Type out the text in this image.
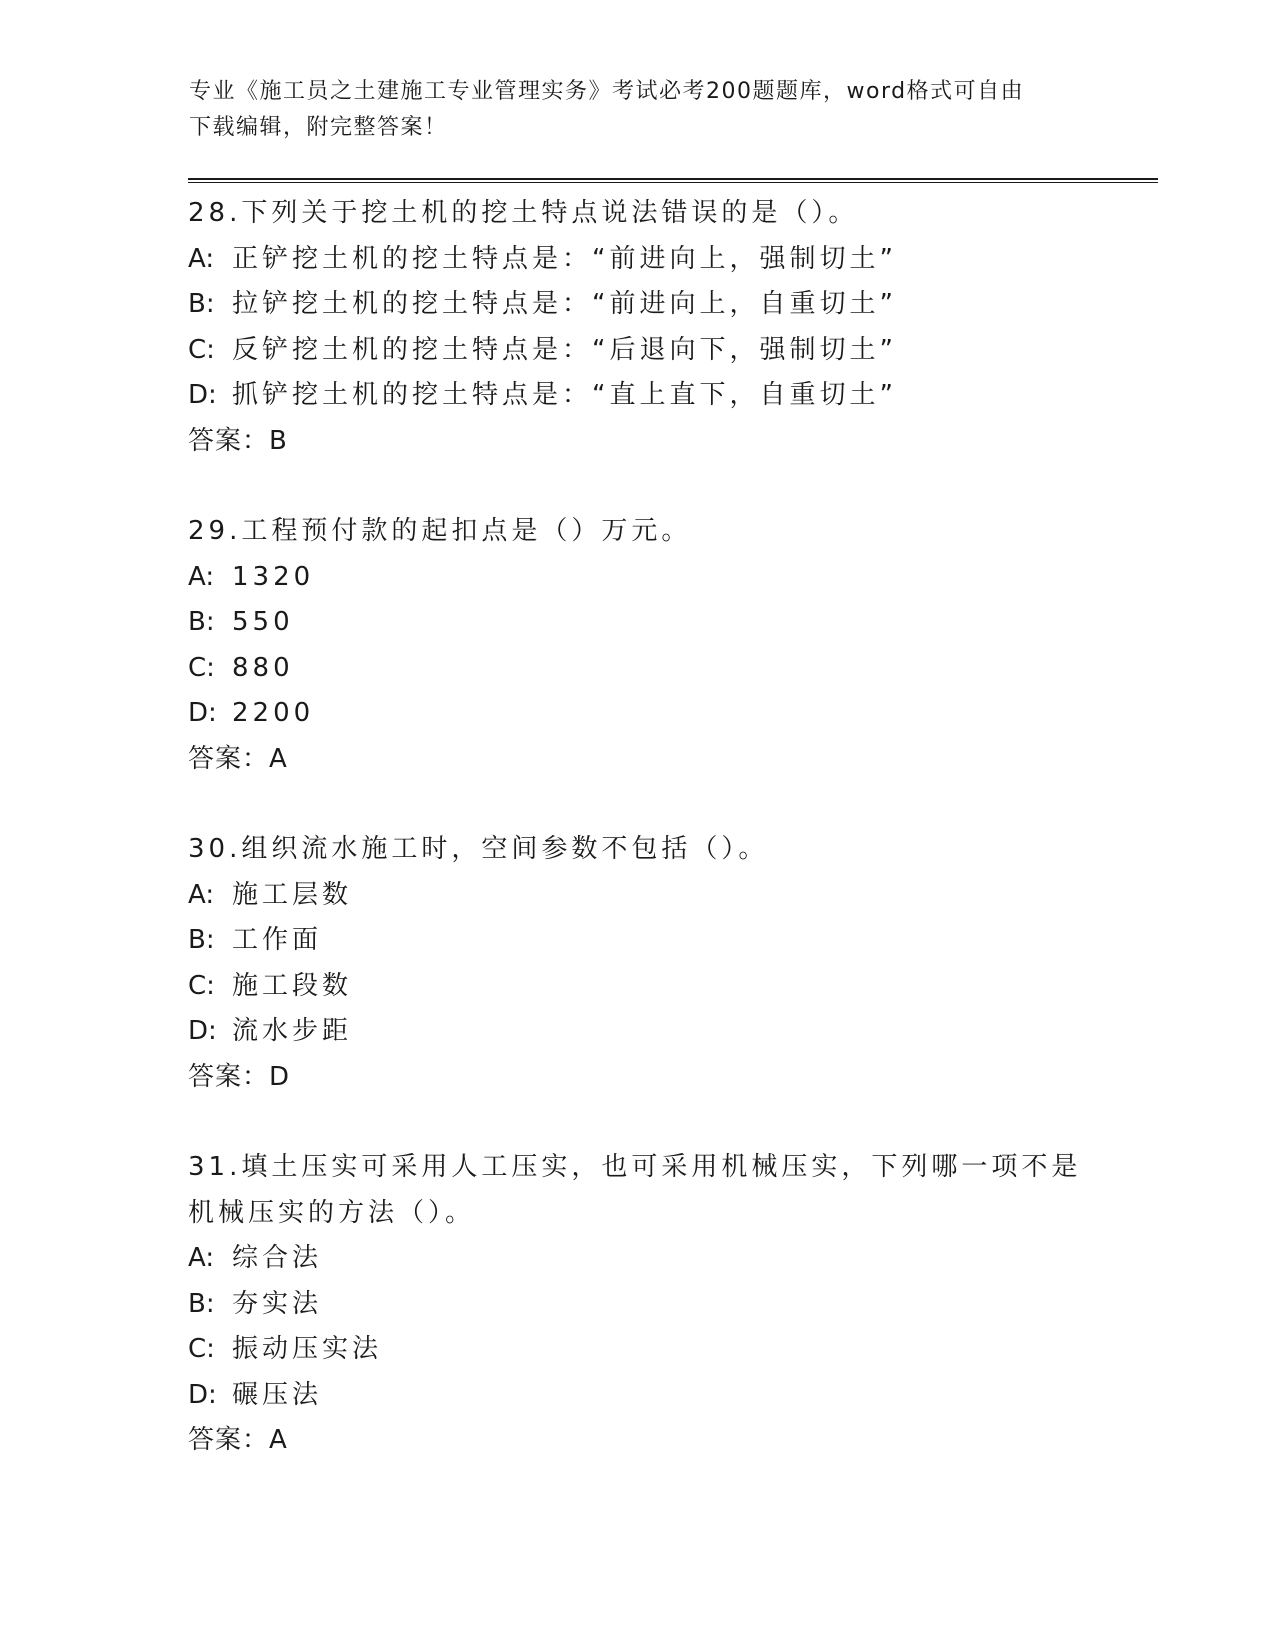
专业《施工员之土建施工专业管理实务》考试必考200题题库，word格式可自由
下载编辑，附完整答案！
28.下列关于挖土机的挖土特点说法错误的是（）。
A: 正铲挖土机的挖土特点是：“前进向上，强制切土”
B: 拉铲挖土机的挖土特点是：“前进向上，自重切土”
C: 反铲挖土机的挖土特点是：“后退向下，强制切土”
D: 抓铲挖土机的挖土特点是：“直上直下，自重切土”
答案：B
29.工程预付款的起扣点是（）万元。
A: 1320
B: 550
C: 880
D: 2200
答案：A
30.组织流水施工时，空间参数不包括（）。
A: 施工层数
B: 工作面
C: 施工段数
D: 流水步距
答案：D
31.填土压实可采用人工压实，也可采用机械压实，下列哪一项不是机械压实的方法（）。
A: 综合法
B: 夯实法
C: 振动压实法
D: 碾压法
答案：A
